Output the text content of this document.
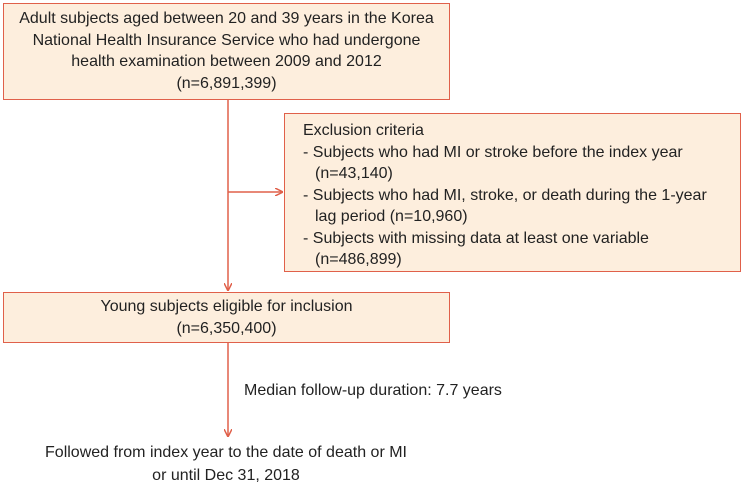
Adult subjects aged between 20 and 39 years in the Korea
National Health Insurance Service who had undergone
health examination between 2009 and 2012
(n=6,891,399)
Exclusion criteria
- Subjects who had MI or stroke before the index year
(n=43,140)
- Subjects who had MI, stroke, or death during the 1-year
lag period (n=10,960)
- Subjects with missing data at least one variable
(n=486,899)
Young subjects eligible for inclusion
(n=6,350,400)
Median follow-up duration: 7.7 years
Followed from index year to the date of death or MI
or until Dec 31, 2018
